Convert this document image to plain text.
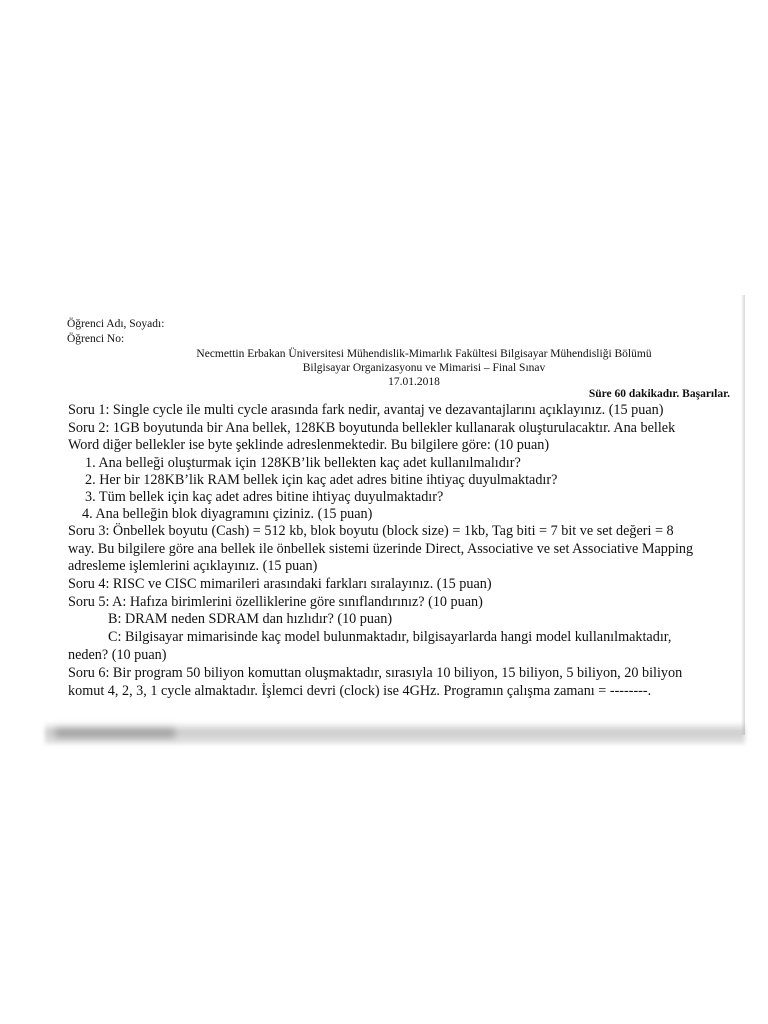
Öğrenci Adı, Soyadı:
Öğrenci No:
Necmettin Erbakan Üniversitesi Mühendislik-Mimarlık Fakültesi Bilgisayar Mühendisliği Bölümü
Bilgisayar Organizasyonu ve Mimarisi – Final Sınav
17.01.2018
Süre 60 dakikadır. Başarılar.
Soru 1: Single cycle ile multi cycle arasında fark nedir, avantaj ve dezavantajlarını açıklayınız. (15 puan)
Soru 2: 1GB boyutunda bir Ana bellek, 128KB boyutunda bellekler kullanarak oluşturulacaktır. Ana bellek
Word diğer bellekler ise byte şeklinde adreslenmektedir. Bu bilgilere göre: (10 puan)
1. Ana belleği oluşturmak için 128KB’lik bellekten kaç adet kullanılmalıdır?
2. Her bir 128KB’lik RAM bellek için kaç adet adres bitine ihtiyaç duyulmaktadır?
3. Tüm bellek için kaç adet adres bitine ihtiyaç duyulmaktadır?
4. Ana belleğin blok diyagramını çiziniz. (15 puan)
Soru 3: Önbellek boyutu (Cash) = 512 kb, blok boyutu (block size) = 1kb, Tag biti = 7 bit ve set değeri = 8
way. Bu bilgilere göre ana bellek ile önbellek sistemi üzerinde Direct, Associative ve set Associative Mapping
adresleme işlemlerini açıklayınız. (15 puan)
Soru 4: RISC ve CISC mimarileri arasındaki farkları sıralayınız. (15 puan)
Soru 5: A: Hafıza birimlerini özelliklerine göre sınıflandırınız? (10 puan)
B: DRAM neden SDRAM dan hızlıdır? (10 puan)
C: Bilgisayar mimarisinde kaç model bulunmaktadır, bilgisayarlarda hangi model kullanılmaktadır,
neden? (10 puan)
Soru 6: Bir program 50 biliyon komuttan oluşmaktadır, sırasıyla 10 biliyon, 15 biliyon, 5 biliyon, 20 biliyon
komut 4, 2, 3, 1 cycle almaktadır. İşlemci devri (clock) ise 4GHz. Programın çalışma zamanı = --------.
